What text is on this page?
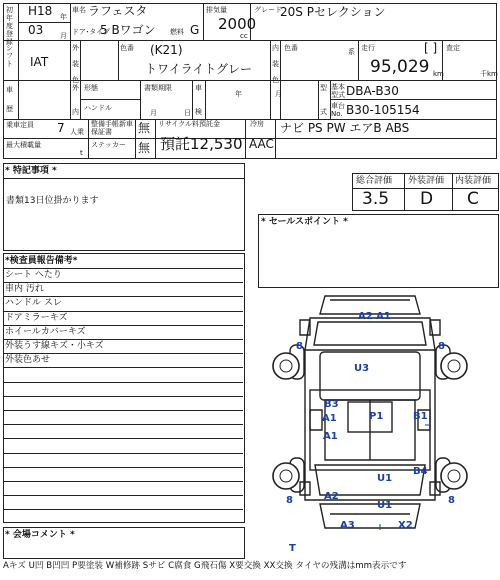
初
年
度
登
録
シフト
車
歴
H18 年
03 月
車名 ラフェスタ
ドア･タイプ
5 Bワゴン 燃料 G
排気量
2000
cc
グレード
20S Pセレクション
IAT
外

装

色
色番 (K21)
トワイライトグレー
内

装

色
色番	系 走行	[ ]
95,029 km
査定
千km
外

内
形態
ハンドル
書類期限
月	日
車

検
年	月
型

式
基本型式 DBA-B30
車台No. B30-105154
乗車定員 7 人乗
最大積載量
t
整備手帳新車保証書	無
ステッカー 無
リサイクル料預託金
預託12,530
冷房
AAC
ナビ PS PW エアB ABS
* 特記事項 *
書類13日位掛かります
総合評価 外装評価 内装評価
3.5 D C
* セールスポイント *
*検査員報告備考*
シート へたり
車内 汚れ
ハンドル スレ
ドアミラーキズ
ホイールカバーキズ
外装うす線キズ・小キズ
外装色あせ
* 会場コメント *
A2 A1
U3
B3
A1	P1	B1
A1
B4
U1
A2
U1
A3	X2
8	8
8	8
T
Aキズ U凹 B凹凹 P要塗装 W補修跡 Sサビ C腐食 G飛石傷 X要交換 XX交換 タイヤの残溝はmm表示です
